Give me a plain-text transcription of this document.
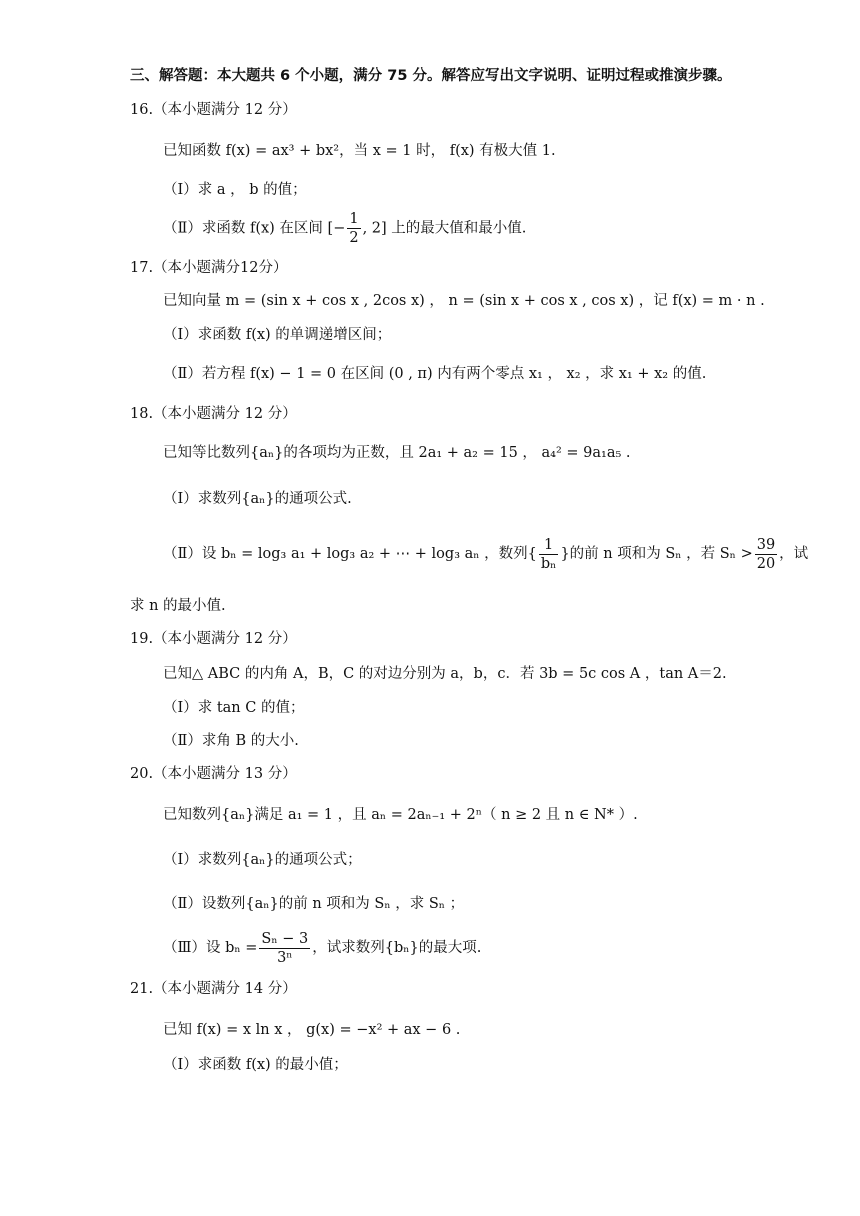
三、解答题：本大题共 6 个小题，满分 75 分。解答应写出文字说明、证明过程或推演步骤。
16.（本小题满分 12 分）
已知函数 f(x) = ax³ + bx²，当 x = 1 时， f(x) 有极大值 1.
（Ⅰ）求 a ， b 的值；
（Ⅱ）求函数 f(x) 在区间 [− $\frac{1}{2}$ , 2] 上的最大值和最小值.
17.（本小题满分12分）
已知向量 m = (sin x + cos x , 2cos x) ， n = (sin x + cos x , cos x) ，记 f(x) = m · n .
（Ⅰ）求函数 f(x) 的单调递增区间；
（Ⅱ）若方程 f(x) − 1 = 0 在区间 (0 , π) 内有两个零点 x₁ ， x₂ ，求 x₁ + x₂ 的值.
18.（本小题满分 12 分）
已知等比数列{aₙ}的各项均为正数，且 2a₁ + a₂ = 15 ， a₄² = 9a₁a₅ .
（Ⅰ）求数列{aₙ}的通项公式.
（Ⅱ）设 bₙ = log₃ a₁ + log₃ a₂ + ⋯ + log₃ aₙ ，数列{ $\frac{1}{\text{bₙ}}$ }的前 n 项和为 Sₙ ，若 $S_n > \frac{39}{20}$ ，试
求 n 的最小值.
19.（本小题满分 12 分）
已知△ ABC 的内角 A，B，C 的对边分别为 a，b，c．若 3b = 5c cos A ，tan A＝2.
（Ⅰ）求 tan C 的值；
（Ⅱ）求角 B 的大小.
20.（本小题满分 13 分）
已知数列{aₙ}满足 a₁ = 1 ，且 aₙ = 2aₙ₋₁ + 2ⁿ（ n ≥ 2 且 n ∈ N* ）.
（Ⅰ）求数列{aₙ}的通项公式；
（Ⅱ）设数列{aₙ}的前 n 项和为 Sₙ ，求 Sₙ ；
（Ⅲ）设 $b_n = \frac{\text{Sₙ − 3}}{\text{3ⁿ}}$ ，试求数列{bₙ}的最大项.
21.（本小题满分 14 分）
已知 f(x) = x ln x ， g(x) = −x² + ax − 6 .
（Ⅰ）求函数 f(x) 的最小值；
